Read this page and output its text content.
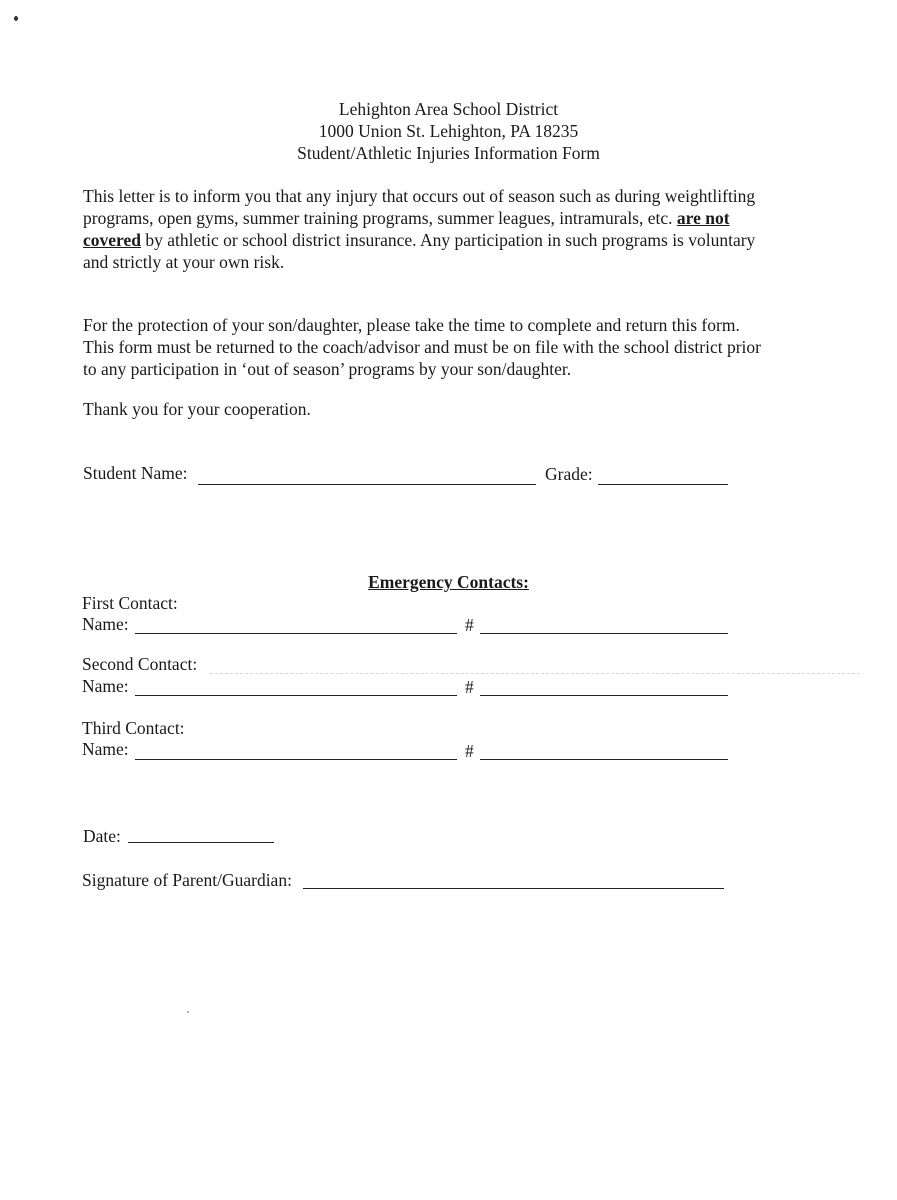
Lehighton Area School District
1000 Union St. Lehighton, PA 18235
Student/Athletic Injuries Information Form
This letter is to inform you that any injury that occurs out of season such as during weightlifting
programs, open gyms, summer training programs, summer leagues, intramurals, etc. are not
covered by athletic or school district insurance. Any participation in such programs is voluntary
and strictly at your own risk.
For the protection of your son/daughter, please take the time to complete and return this form.
This form must be returned to the coach/advisor and must be on file with the school district prior
to any participation in ‘out of season’ programs by your son/daughter.
Thank you for your cooperation.
Student Name:	Grade:
Emergency Contacts:
First Contact:
Name:	#
Second Contact:
Name:	#
Third Contact:
Name:	#
Date:
Signature of Parent/Guardian:
